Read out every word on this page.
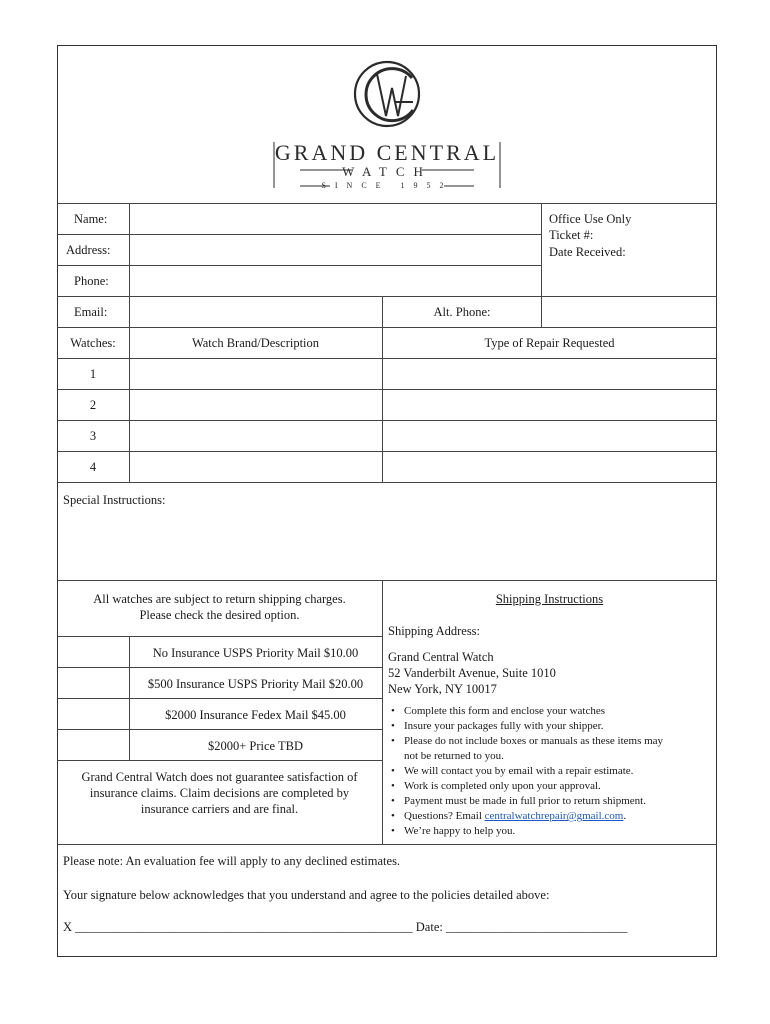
GRAND CENTRAL
WATCH
SINCE 1952
Name:
Address:
Phone:
Email:	Alt. Phone:
Office Use Only
Ticket #:
Date Received:
Watches:	Watch Brand/Description	Type of Repair Requested
1
2
3
4
Special Instructions:
All watches are subject to return shipping charges.
Please check the desired option.
No Insurance USPS Priority Mail $10.00
$500 Insurance USPS Priority Mail $20.00
$2000 Insurance Fedex Mail $45.00
$2000+ Price TBD
Grand Central Watch does not guarantee satisfaction of
insurance claims. Claim decisions are completed by
insurance carriers and are final.
Shipping Instructions
Shipping Address:
Grand Central Watch
52 Vanderbilt Avenue, Suite 1010
New York, NY 10017
• Complete this form and enclose your watches
• Insure your packages fully with your shipper.
• Please do not include boxes or manuals as these items may
not be returned to you.
• We will contact you by email with a repair estimate.
• Work is completed only upon your approval.
• Payment must be made in full prior to return shipment.
• Questions? Email centralwatchrepair@gmail.com.
• We’re happy to help you.
Please note: An evaluation fee will apply to any declined estimates.
Your signature below acknowledges that you understand and agree to the policies detailed above:
X ______________________________________________________ Date: _____________________________
